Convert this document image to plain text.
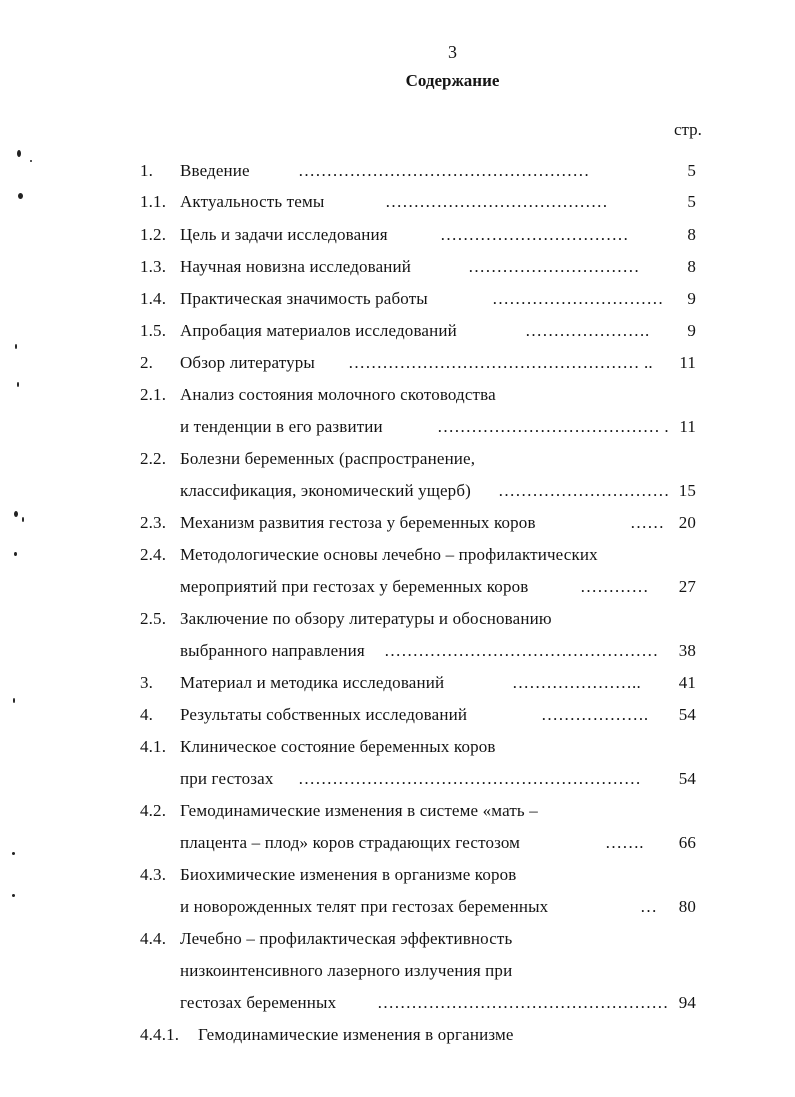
3
Содержание
стр.
1. Введение	……………………………………………	5
1.1. Актуальность темы	…………………………………	5
1.2. Цель и задачи исследования	……………………………	8
1.3. Научная новизна исследований	…………………………	8
1.4. Практическая значимость работы	…………………………	9
1.5. Апробация материалов исследований	………………….	9
2. Обзор литературы …………………………………………… ..	11
2.1. Анализ состояния молочного скотоводства
и тенденции в его развитии	………………………………… . 11
2.2. Болезни беременных (распространение,
классификация, экономический ущерб) ………………………… 15
2.3. Механизм развития гестоза у беременных коров	…… 20
2.4. Методологические основы лечебно – профилактических
мероприятий при гестозах у беременных коров	…………	27
2.5. Заключение по обзору литературы и обоснованию
выбранного направления …………………………………………	38
3. Материал и методика исследований	…………………..	41
4. Результаты собственных исследований	……………….	54
4.1. Клиническое состояние беременных коров
при гестозах ……………………………………………………	54
4.2. Гемодинамические изменения в системе «мать –
плацента – плод» коров страдающих гестозом	…….	66
4.3. Биохимические изменения в организме коров
и новорожденных телят при гестозах беременных	…	80
4.4. Лечебно – профилактическая эффективность
низкоинтенсивного лазерного излучения при
гестозах беременных …………………………………………… 94
4.4.1. Гемодинамические изменения в организме
